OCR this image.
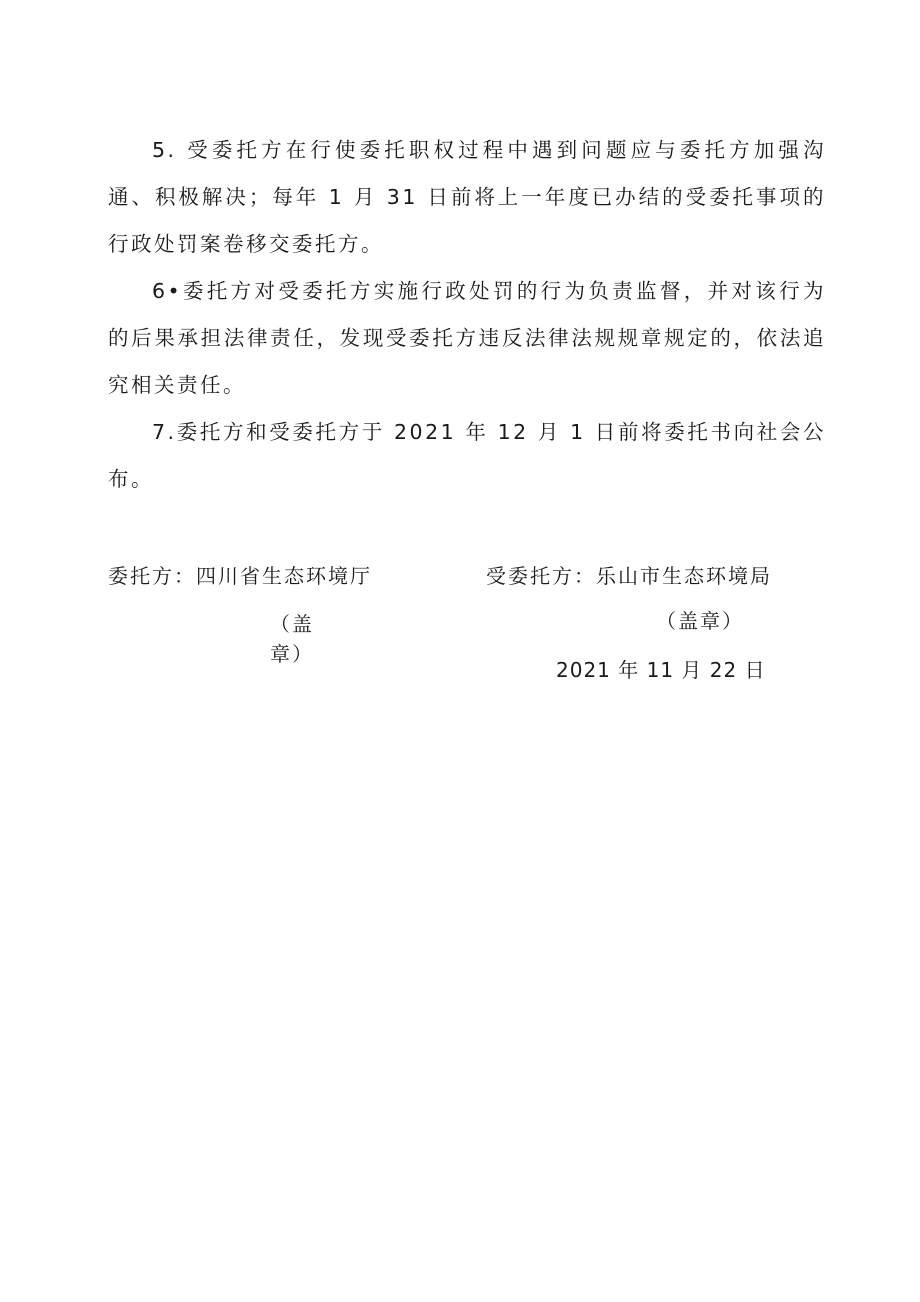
5. 受委托方在行使委托职权过程中遇到问题应与委托方加强沟通、积极解决；每年 1 月 31 日前将上一年度已办结的受委托事项的行政处罚案卷移交委托方。

6•委托方对受委托方实施行政处罚的行为负责监督，并对该行为的后果承担法律责任，发现受委托方违反法律法规规章规定的，依法追究相关责任。

7.委托方和受委托方于 2021 年 12 月 1 日前将委托书向社会公布。

委托方：四川省生态环境厅	受委托方：乐山市生态环境局
（盖章）
（盖章）
2021 年 11 月 22 日
